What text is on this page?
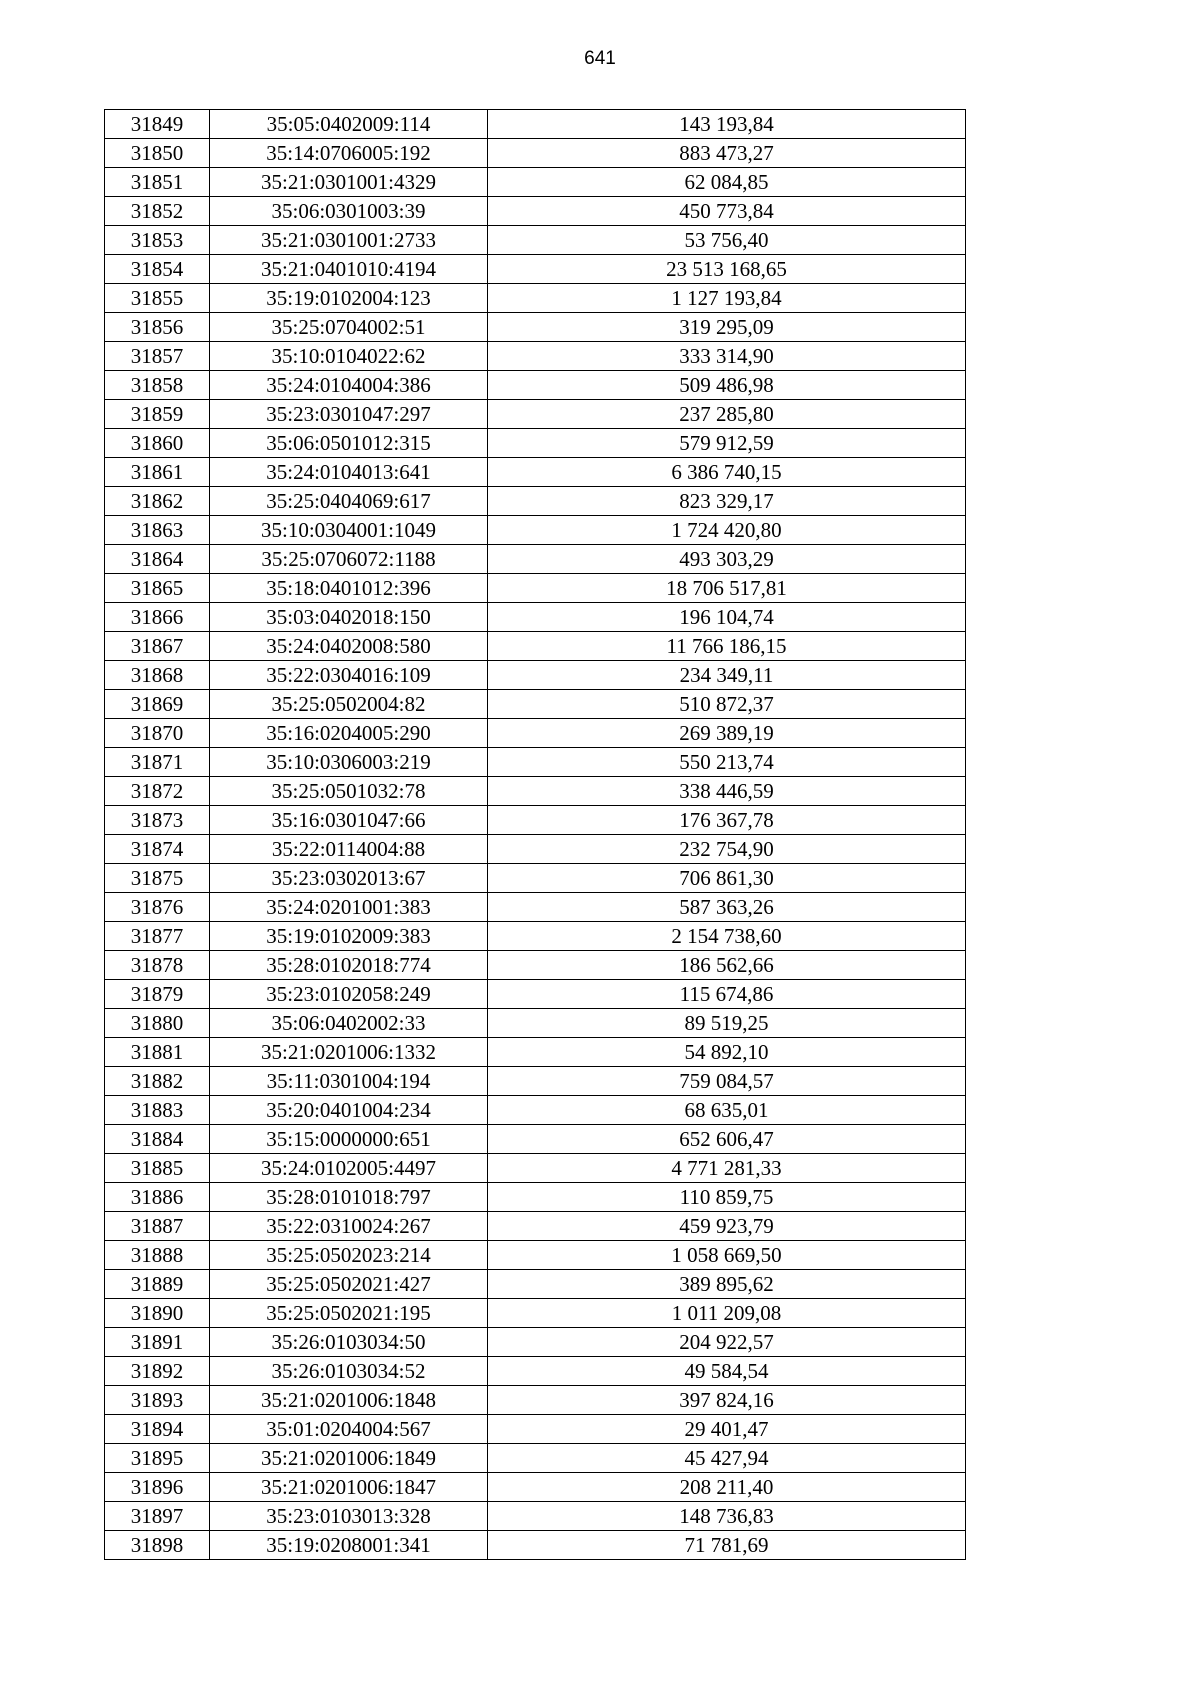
641
31849	35:05:0402009:114	143 193,84
31850	35:14:0706005:192	883 473,27
31851	35:21:0301001:4329	62 084,85
31852	35:06:0301003:39	450 773,84
31853	35:21:0301001:2733	53 756,40
31854	35:21:0401010:4194	23 513 168,65
31855	35:19:0102004:123	1 127 193,84
31856	35:25:0704002:51	319 295,09
31857	35:10:0104022:62	333 314,90
31858	35:24:0104004:386	509 486,98
31859	35:23:0301047:297	237 285,80
31860	35:06:0501012:315	579 912,59
31861	35:24:0104013:641	6 386 740,15
31862	35:25:0404069:617	823 329,17
31863	35:10:0304001:1049	1 724 420,80
31864	35:25:0706072:1188	493 303,29
31865	35:18:0401012:396	18 706 517,81
31866	35:03:0402018:150	196 104,74
31867	35:24:0402008:580	11 766 186,15
31868	35:22:0304016:109	234 349,11
31869	35:25:0502004:82	510 872,37
31870	35:16:0204005:290	269 389,19
31871	35:10:0306003:219	550 213,74
31872	35:25:0501032:78	338 446,59
31873	35:16:0301047:66	176 367,78
31874	35:22:0114004:88	232 754,90
31875	35:23:0302013:67	706 861,30
31876	35:24:0201001:383	587 363,26
31877	35:19:0102009:383	2 154 738,60
31878	35:28:0102018:774	186 562,66
31879	35:23:0102058:249	115 674,86
31880	35:06:0402002:33	89 519,25
31881	35:21:0201006:1332	54 892,10
31882	35:11:0301004:194	759 084,57
31883	35:20:0401004:234	68 635,01
31884	35:15:0000000:651	652 606,47
31885	35:24:0102005:4497	4 771 281,33
31886	35:28:0101018:797	110 859,75
31887	35:22:0310024:267	459 923,79
31888	35:25:0502023:214	1 058 669,50
31889	35:25:0502021:427	389 895,62
31890	35:25:0502021:195	1 011 209,08
31891	35:26:0103034:50	204 922,57
31892	35:26:0103034:52	49 584,54
31893	35:21:0201006:1848	397 824,16
31894	35:01:0204004:567	29 401,47
31895	35:21:0201006:1849	45 427,94
31896	35:21:0201006:1847	208 211,40
31897	35:23:0103013:328	148 736,83
31898	35:19:0208001:341	71 781,69
